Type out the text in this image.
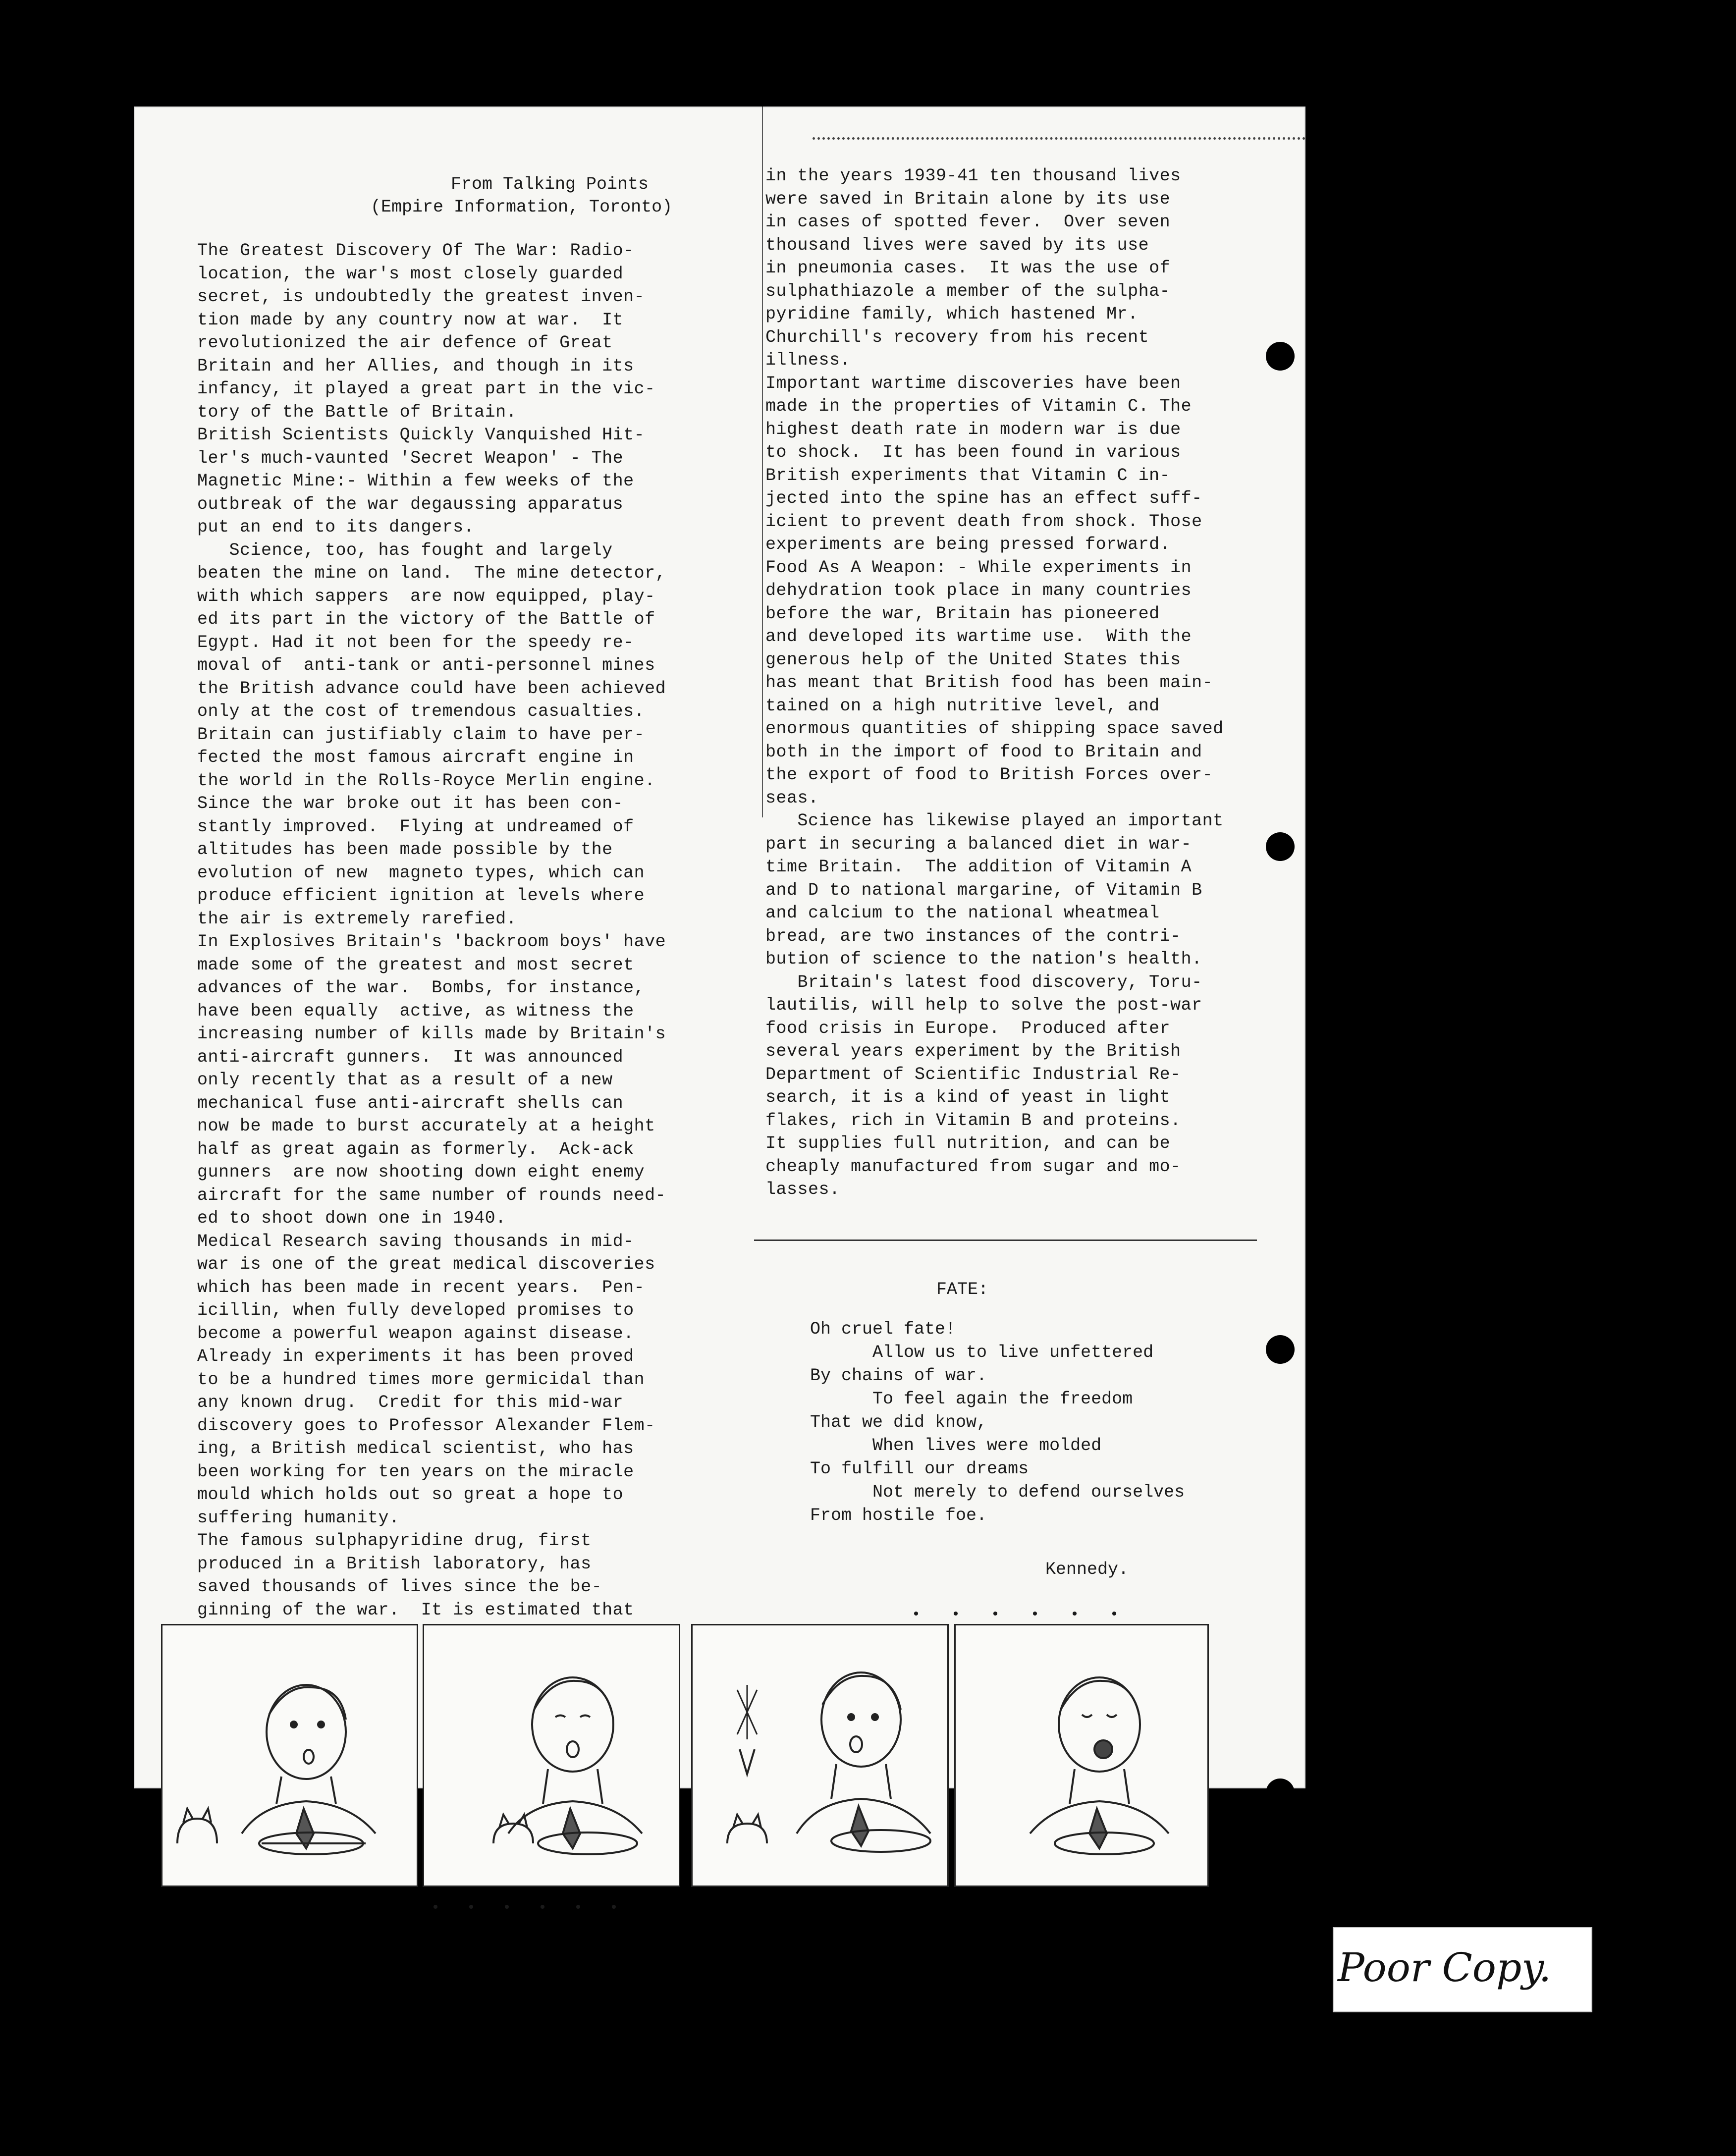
From Talking Points
(Empire Information, Toronto)
The Greatest Discovery Of The War: Radio-
location, the war's most closely guarded
secret, is undoubtedly the greatest inven-
tion made by any country now at war.  It
revolutionized the air defence of Great
Britain and her Allies, and though in its
infancy, it played a great part in the vic-
tory of the Battle of Britain.
British Scientists Quickly Vanquished Hit-
ler's much-vaunted 'Secret Weapon' - The
Magnetic Mine:- Within a few weeks of the
outbreak of the war degaussing apparatus
put an end to its dangers.
Science, too, has fought and largely
beaten the mine on land.  The mine detector,
with which sappers  are now equipped, play-
ed its part in the victory of the Battle of
Egypt. Had it not been for the speedy re-
moval of  anti-tank or anti-personnel mines
the British advance could have been achieved
only at the cost of tremendous casualties.
Britain can justifiably claim to have per-
fected the most famous aircraft engine in
the world in the Rolls-Royce Merlin engine.
Since the war broke out it has been con-
stantly improved.  Flying at undreamed of
altitudes has been made possible by the
evolution of new  magneto types, which can
produce efficient ignition at levels where
the air is extremely rarefied.
In Explosives Britain's 'backroom boys' have
made some of the greatest and most secret
advances of the war.  Bombs, for instance,
have been equally  active, as witness the
increasing number of kills made by Britain's
anti-aircraft gunners.  It was announced
only recently that as a result of a new
mechanical fuse anti-aircraft shells can
now be made to burst accurately at a height
half as great again as formerly.  Ack-ack
gunners  are now shooting down eight enemy
aircraft for the same number of rounds need-
ed to shoot down one in 1940.
Medical Research saving thousands in mid-
war is one of the great medical discoveries
which has been made in recent years.  Pen-
icillin, when fully developed promises to
become a powerful weapon against disease.
Already in experiments it has been proved
to be a hundred times more germicidal than
any known drug.  Credit for this mid-war
discovery goes to Professor Alexander Flem-
ing, a British medical scientist, who has
been working for ten years on the miracle
mould which holds out so great a hope to
suffering humanity.
The famous sulphapyridine drug, first
produced in a British laboratory, has
saved thousands of lives since the be-
ginning of the war.  It is estimated that
in the years 1939-41 ten thousand lives
were saved in Britain alone by its use
in cases of spotted fever.  Over seven
thousand lives were saved by its use
in pneumonia cases.  It was the use of
sulphathiazole a member of the sulpha-
pyridine family, which hastened Mr.
Churchill's recovery from his recent
illness.
Important wartime discoveries have been
made in the properties of Vitamin C. The
highest death rate in modern war is due
to shock.  It has been found in various
British experiments that Vitamin C in-
jected into the spine has an effect suff-
icient to prevent death from shock. Those
experiments are being pressed forward.
Food As A Weapon: - While experiments in
dehydration took place in many countries
before the war, Britain has pioneered
and developed its wartime use.  With the
generous help of the United States this
has meant that British food has been main-
tained on a high nutritive level, and
enormous quantities of shipping space saved
both in the import of food to Britain and
the export of food to British Forces over-
seas.
Science has likewise played an important
part in securing a balanced diet in war-
time Britain.  The addition of Vitamin A
and D to national margarine, of Vitamin B
and calcium to the national wheatmeal
bread, are two instances of the contri-
bution of science to the nation's health.
Britain's latest food discovery, Toru-
lautilis, will help to solve the post-war
food crisis in Europe.  Produced after
several years experiment by the British
Department of Scientific Industrial Re-
search, it is a kind of yeast in light
flakes, rich in Vitamin B and proteins.
It supplies full nutrition, and can be
cheaply manufactured from sugar and mo-
lasses.
FATE:
Oh cruel fate!
Allow us to live unfettered
By chains of war.
To feel again the freedom
That we did know,
When lives were molded
To fulfill our dreams
Not merely to defend ourselves
From hostile foe.
Kennedy.
• • • • • •
• • • • • •
Poor Copy.
